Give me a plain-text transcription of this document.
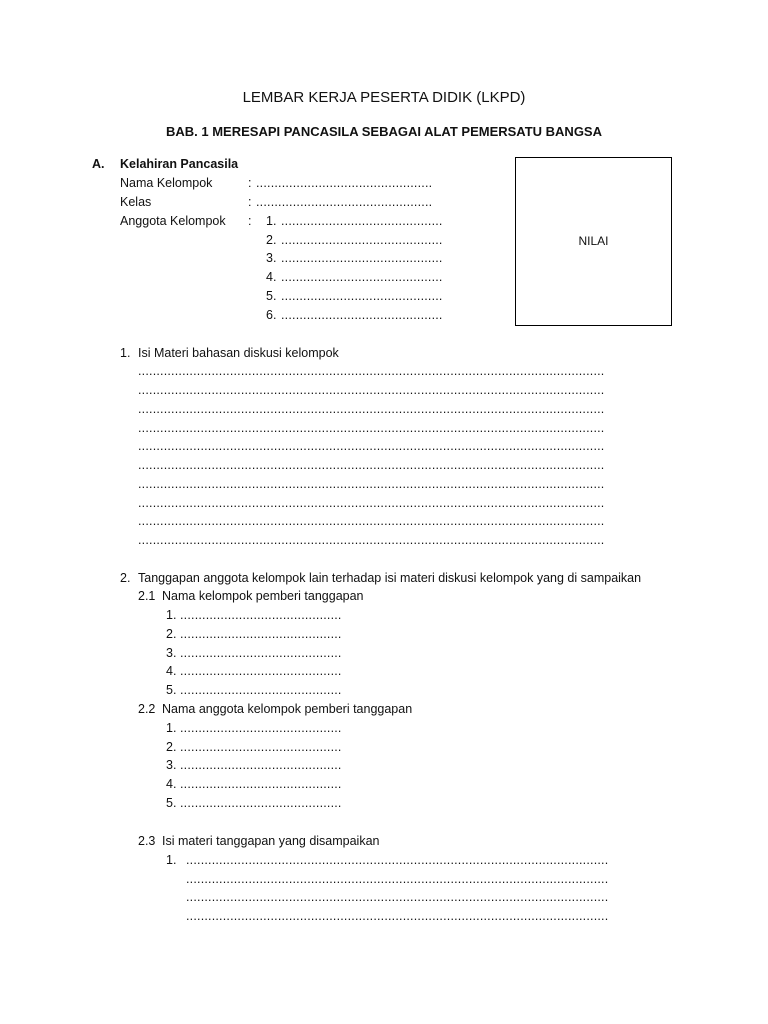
LEMBAR KERJA PESERTA DIDIK (LKPD)
BAB. 1 MERESAPI PANCASILA SEBAGAI ALAT PEMERSATU BANGSA
A. Kelahiran Pancasila
Nama Kelompok	: ................................................
Kelas	: ................................................
Anggota Kelompok : 1. ............................................
2. ............................................
3. ............................................
4. ............................................
5. ............................................
6. ............................................
NILAI
1. Isi Materi bahasan diskusi kelompok
...............................................................................................................................
...............................................................................................................................
...............................................................................................................................
...............................................................................................................................
...............................................................................................................................
...............................................................................................................................
...............................................................................................................................
...............................................................................................................................
...............................................................................................................................
...............................................................................................................................
2. Tanggapan anggota kelompok lain terhadap isi materi diskusi kelompok yang di sampaikan
2.1 Nama kelompok pemberi tanggapan
1. ............................................
2. ............................................
3. ............................................
4. ............................................
5. ............................................
2.2 Nama anggota kelompok pemberi tanggapan
1. ............................................
2. ............................................
3. ............................................
4. ............................................
5. ............................................
2.3 Isi materi tanggapan yang disampaikan
1. ...................................................................................................................
...................................................................................................................
...................................................................................................................
...................................................................................................................
